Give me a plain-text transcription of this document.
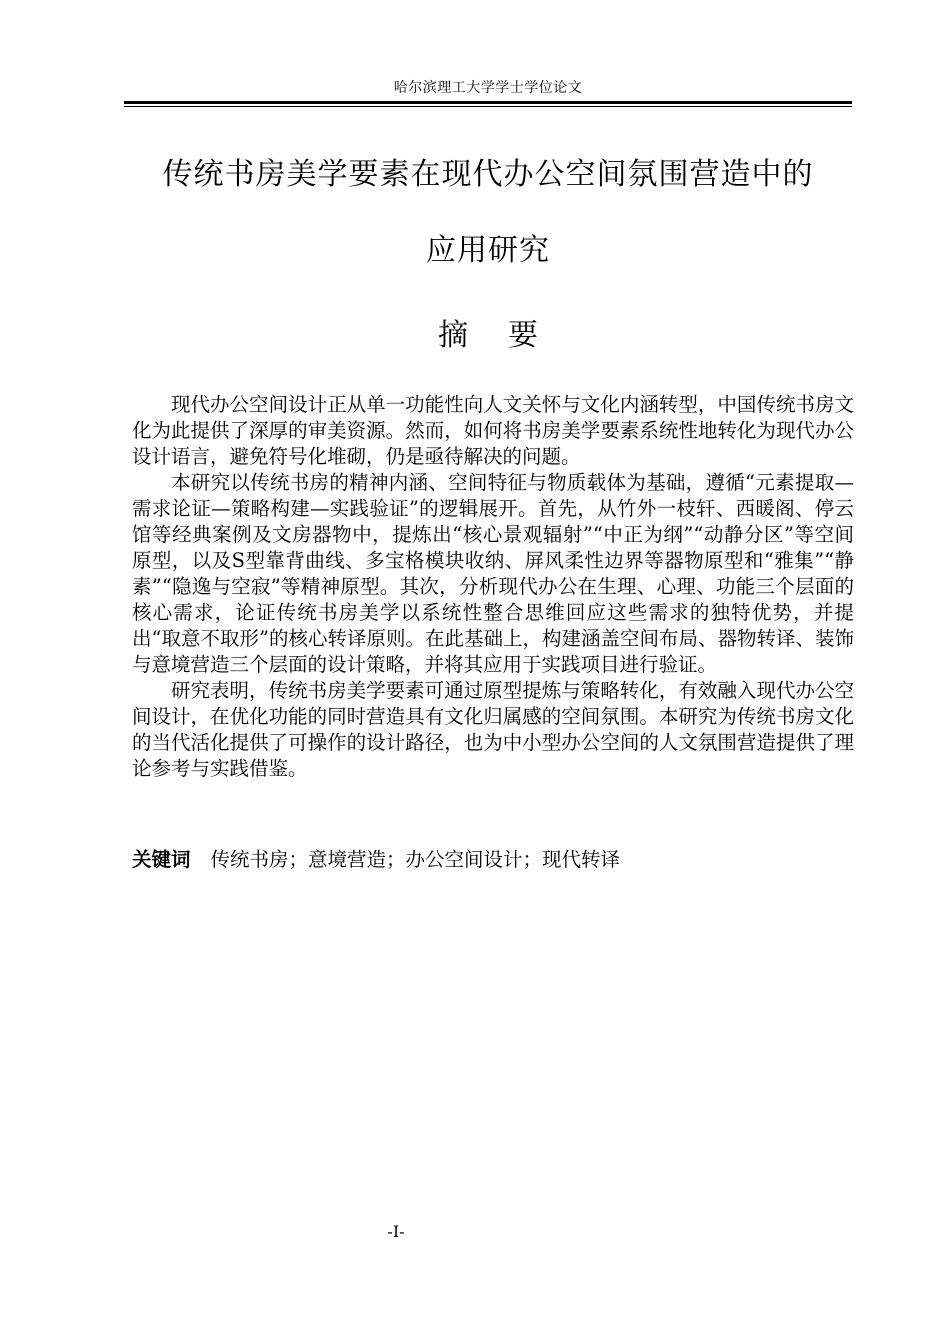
哈尔滨理工大学学士学位论文
传统书房美学要素在现代办公空间氛围营造中的
应用研究
摘要

现代办公空间设计正从单一功能性向人文关怀与文化内涵转型，中国传统书房文化为此提供了深厚的审美资源。然而，如何将书房美学要素系统性地转化为现代办公设计语言，避免符号化堆砌，仍是亟待解决的问题。

本研究以传统书房的精神内涵、空间特征与物质载体为基础，遵循“元素提取—需求论证—策略构建—实践验证”的逻辑展开。首先，从竹外一枝轩、西暖阁、停云馆等经典案例及文房器物中，提炼出“核心景观辐射”“中正为纲”“动静分区”等空间原型，以及S型靠背曲线、多宝格模块收纳、屏风柔性边界等器物原型和“雅集”“静素”“隐逸与空寂”等精神原型。其次，分析现代办公在生理、心理、功能三个层面的核心需求，论证传统书房美学以系统性整合思维回应这些需求的独特优势，并提出“取意不取形”的核心转译原则。在此基础上，构建涵盖空间布局、器物转译、装饰与意境营造三个层面的设计策略，并将其应用于实践项目进行验证。

研究表明，传统书房美学要素可通过原型提炼与策略转化，有效融入现代办公空间设计，在优化功能的同时营造具有文化归属感的空间氛围。本研究为传统书房文化的当代活化提供了可操作的设计路径，也为中小型办公空间的人文氛围营造提供了理论参考与实践借鉴。

关键词 传统书房；意境营造；办公空间设计；现代转译
-I-
